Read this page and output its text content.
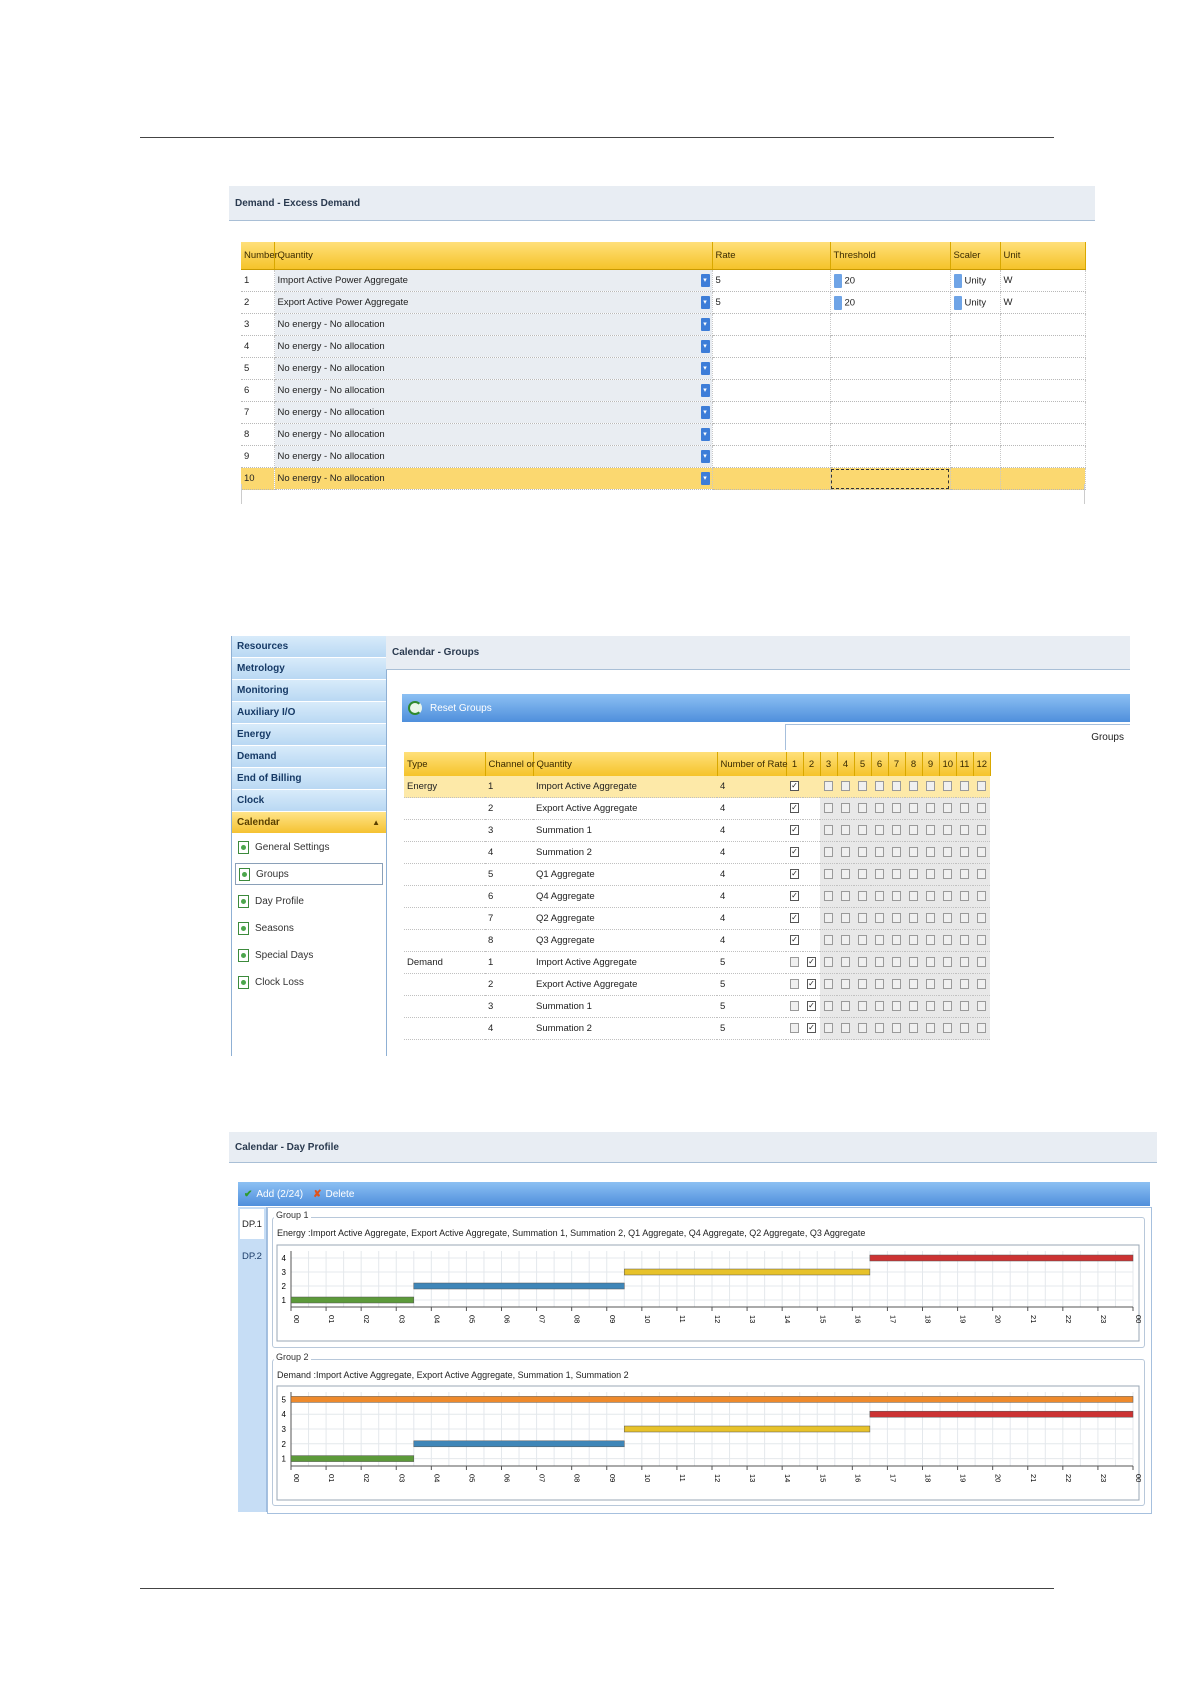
Demand - Excess Demand
Number	Quantity	Rate	Threshold	Scaler	Unit
1	Import Active Power Aggregate ▾	5	20	Unity	W
2	Export Active Power Aggregate ▾	5	20	Unity	W
3	No energy - No allocation ▾				

4	No energy - No allocation ▾				

5	No energy - No allocation ▾				

6	No energy - No allocation ▾				

7	No energy - No allocation ▾				

8	No energy - No allocation ▾				

9	No energy - No allocation ▾				

10	No energy - No allocation ▾				

Resources
Metrology
Monitoring
Auxiliary I/O
Energy
Demand
End of Billing
Clock
Calendar	▲
General Settings
Groups
Day Profile
Seasons
Special Days
Clock Loss
Calendar - Groups
Reset Groups
Groups
Type	Channel or	Quantity	Number of Rate	1	2	3	4	5	6	7	8	9	10	11	12
Energy	1	Import Active Aggregate	4	✓											
	2	Export Active Aggregate	4	✓											
	3	Summation 1	4	✓											
	4	Summation 2	4	✓											
	5	Q1 Aggregate	4	✓											
	6	Q4 Aggregate	4	✓											
	7	Q2 Aggregate	4	✓											
	8	Q3 Aggregate	4	✓											
Demand	1	Import Active Aggregate	5		✓										
	2	Export Active Aggregate	5		✓										
	3	Summation 1	5		✓										
	4	Summation 2	5		✓										
Calendar - Day Profile
✔ Add (2/24) ✘ Delete
DP.1
DP.2
Group 1
Energy :Import Active Aggregate, Export Active Aggregate, Summation 1, Summation 2, Q1 Aggregate, Q4 Aggregate, Q2 Aggregate, Q3 Aggregate
1
2
3
4
00	01	02	03	04	05	06	07	08	09	10	11	12	13	14	15	16	17	18	19	20	21	22	23	00
Group 2
Demand :Import Active Aggregate, Export Active Aggregate, Summation 1, Summation 2
1
2
3
4
5
00	01	02	03	04	05	06	07	08	09	10	11	12	13	14	15	16	17	18	19	20	21	22	23	00
